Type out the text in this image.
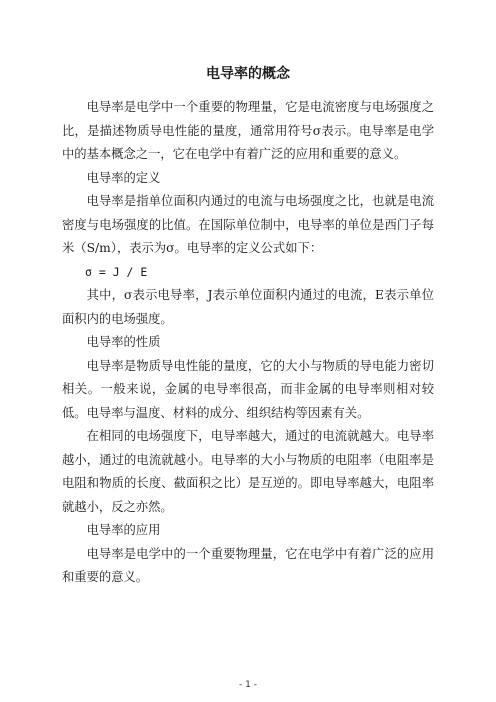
电导率的概念

电导率是电学中一个重要的物理量，它是电流密度与电场强度之比，是描述物质导电性能的量度，通常用符号σ表示。电导率是电学中的基本概念之一，它在电学中有着广泛的应用和重要的意义。

电导率的定义

电导率是指单位面积内通过的电流与电场强度之比，也就是电流密度与电场强度的比值。在国际单位制中，电导率的单位是西门子每米（S/m），表示为σ。电导率的定义公式如下：

σ = J / E

其中，σ表示电导率，J表示单位面积内通过的电流，E表示单位面积内的电场强度。

电导率的性质

电导率是物质导电性能的量度，它的大小与物质的导电能力密切相关。一般来说，金属的电导率很高，而非金属的电导率则相对较低。电导率与温度、材料的成分、组织结构等因素有关。

在相同的电场强度下，电导率越大，通过的电流就越大。电导率越小，通过的电流就越小。电导率的大小与物质的电阻率（电阻率是电阻和物质的长度、截面积之比）是互逆的。即电导率越大，电阻率就越小，反之亦然。

电导率的应用

电导率是电学中的一个重要物理量，它在电学中有着广泛的应用和重要的意义。

- 1 -
